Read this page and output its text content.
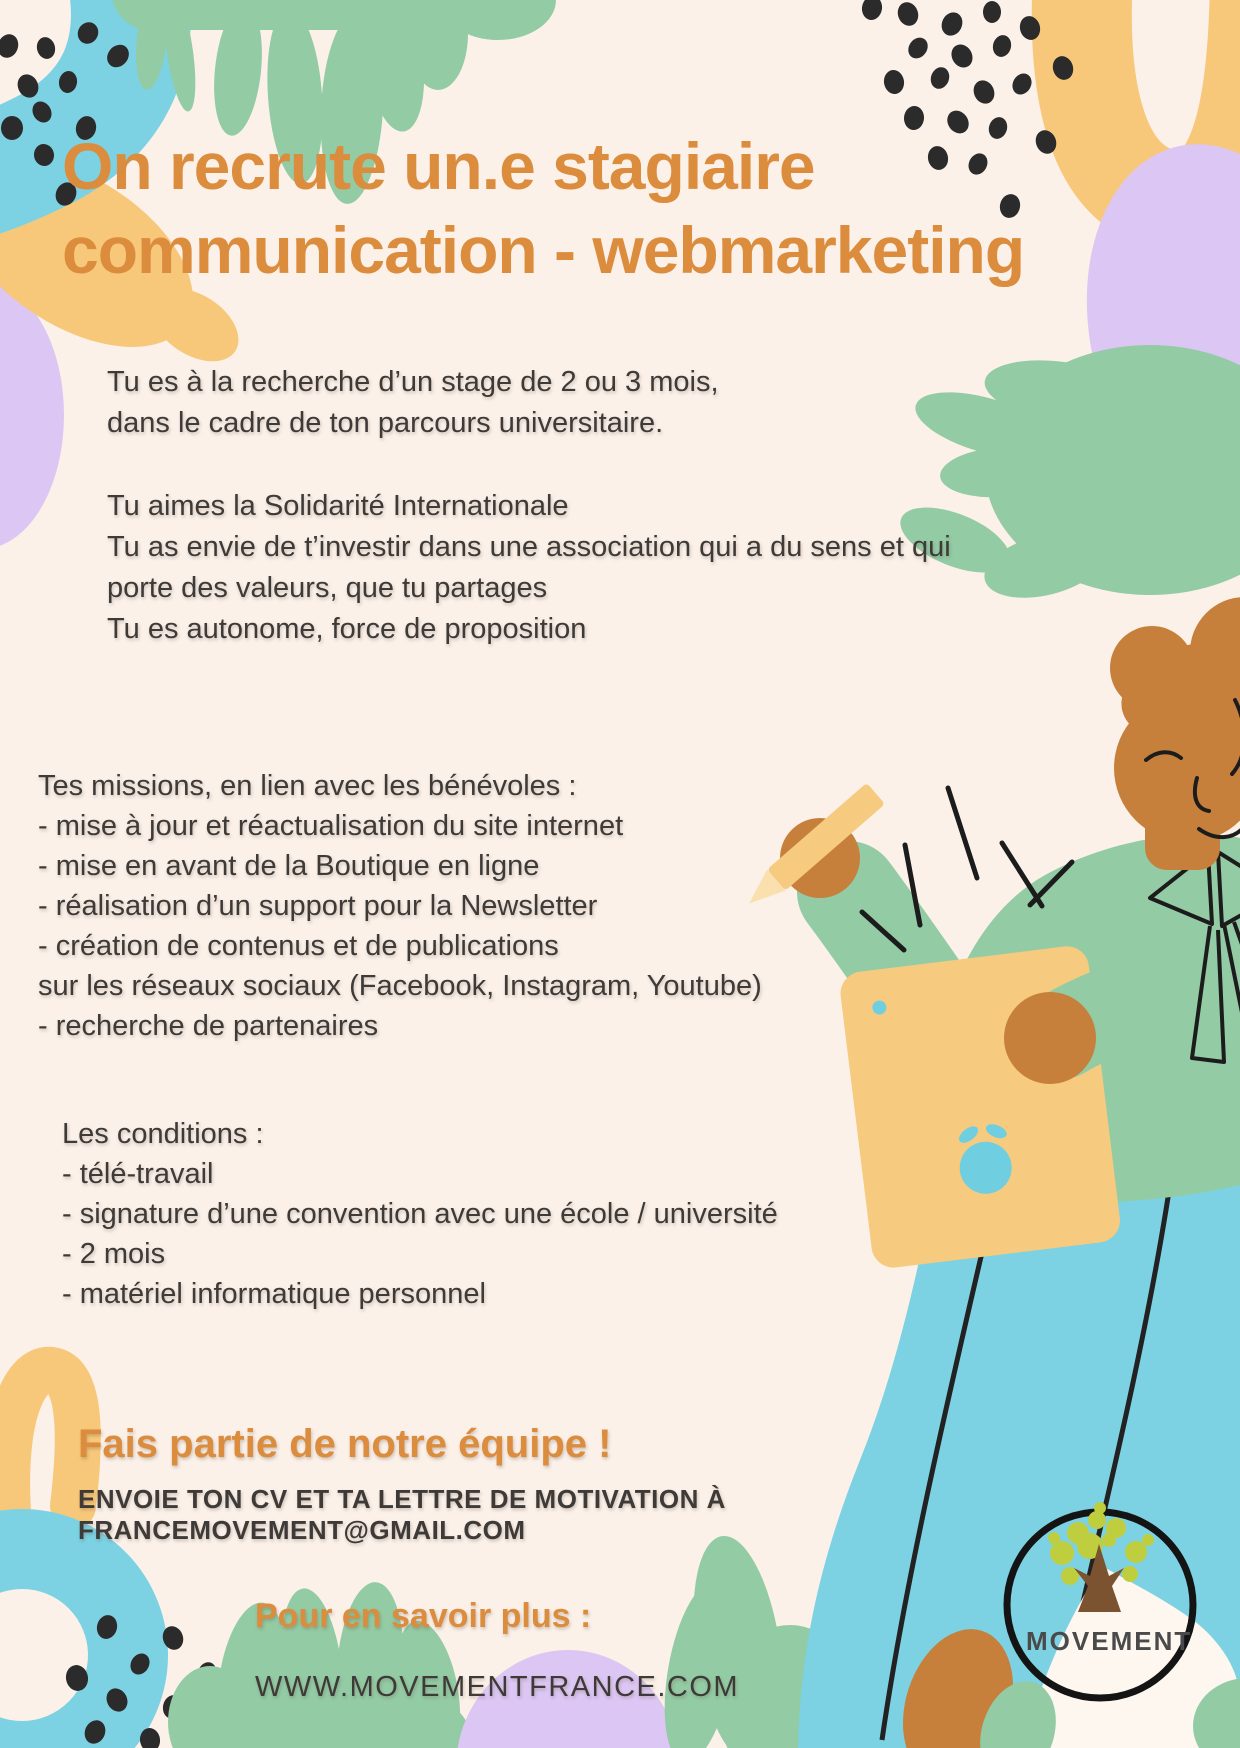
On recrute un.e stagiaire
communication - webmarketing
Tu es à la recherche d’un stage de 2 ou 3 mois,
dans le cadre de ton parcours universitaire.
Tu aimes la Solidarité Internationale
Tu as envie de t’investir dans une association qui a du sens et qui
porte des valeurs, que tu partages
Tu es autonome, force de proposition
Tes missions, en lien avec les bénévoles :
- mise à jour et réactualisation du site internet
- mise en avant de la Boutique en ligne
- réalisation d’un support pour la Newsletter
- création de contenus et de publications
sur les réseaux sociaux (Facebook, Instagram, Youtube)
- recherche de partenaires
Les conditions :
- télé-travail
- signature d’une convention avec une école / université
- 2 mois
- matériel informatique personnel
Fais partie de notre équipe !
ENVOIE TON CV ET TA LETTRE DE MOTIVATION À
FRANCEMOVEMENT@GMAIL.COM
Pour en savoir plus :
WWW.MOVEMENTFRANCE.COM
MOVEMENT
